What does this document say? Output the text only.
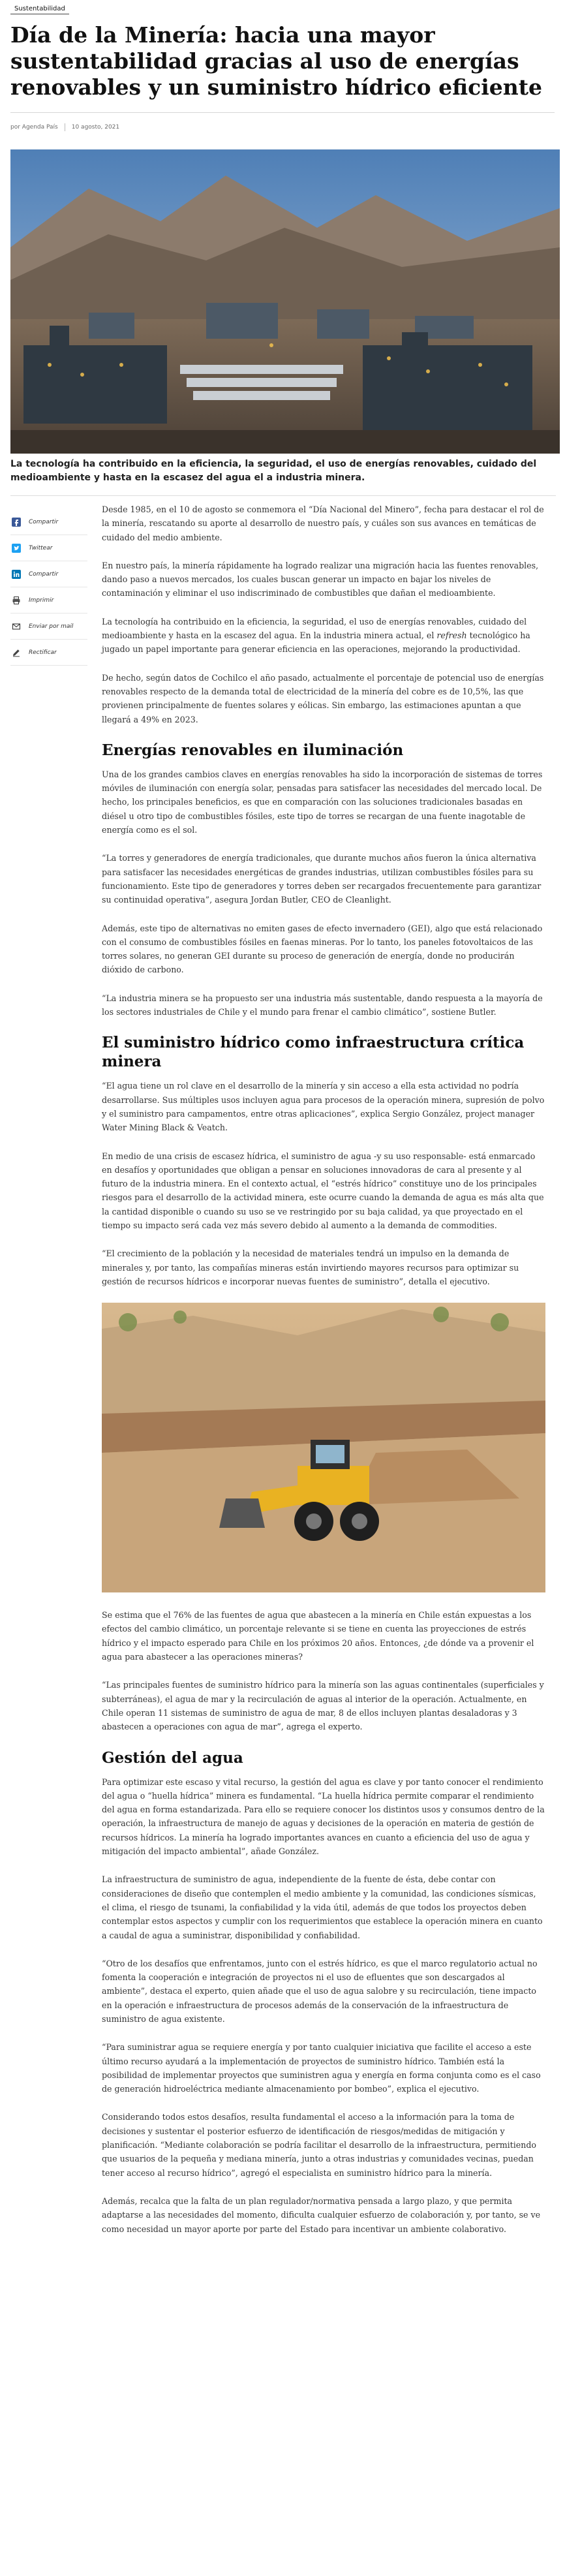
Sustentabilidad
Día de la Minería: hacia una mayor sustentabilidad gracias al uso de energías renovables y un suministro hídrico eficiente
por Agenda País 10 agosto, 2021

La tecnología ha contribuido en la eficiencia, la seguridad, el uso de energías renovables, cuidado del medioambiente y hasta en la escasez del agua el a industria minera.

Compartir
Twittear
Compartir
Imprimir
Enviar por mail
Rectificar

Desde 1985, en el 10 de agosto se conmemora el “Día Nacional del Minero”, fecha para destacar el rol de la minería, rescatando su aporte al desarrollo de nuestro país, y cuáles son sus avances en temáticas de cuidado del medio ambiente.

En nuestro país, la minería rápidamente ha logrado realizar una migración hacia las fuentes renovables, dando paso a nuevos mercados, los cuales buscan generar un impacto en bajar los niveles de contaminación y eliminar el uso indiscriminado de combustibles que dañan el medioambiente.

La tecnología ha contribuido en la eficiencia, la seguridad, el uso de energías renovables, cuidado del medioambiente y hasta en la escasez del agua. En la industria minera actual, el refresh tecnológico ha jugado un papel importante para generar eficiencia en las operaciones, mejorando la productividad.

De hecho, según datos de Cochilco el año pasado, actualmente el porcentaje de potencial uso de energías renovables respecto de la demanda total de electricidad de la minería del cobre es de 10,5%, las que provienen principalmente de fuentes solares y eólicas. Sin embargo, las estimaciones apuntan a que llegará a 49% en 2023.

Energías renovables en iluminación

Una de los grandes cambios claves en energías renovables ha sido la incorporación de sistemas de torres móviles de iluminación con energía solar, pensadas para satisfacer las necesidades del mercado local. De hecho, los principales beneficios, es que en comparación con las soluciones tradicionales basadas en diésel u otro tipo de combustibles fósiles, este tipo de torres se recargan de una fuente inagotable de energía como es el sol.

“La torres y generadores de energía tradicionales, que durante muchos años fueron la única alternativa para satisfacer las necesidades energéticas de grandes industrias, utilizan combustibles fósiles para su funcionamiento. Este tipo de generadores y torres deben ser recargados frecuentemente para garantizar su continuidad operativa”, asegura Jordan Butler, CEO de Cleanlight.

Además, este tipo de alternativas no emiten gases de efecto invernadero (GEI), algo que está relacionado con el consumo de combustibles fósiles en faenas mineras. Por lo tanto, los paneles fotovoltaicos de las torres solares, no generan GEI durante su proceso de generación de energía, donde no producirán dióxido de carbono.

“La industria minera se ha propuesto ser una industria más sustentable, dando respuesta a la mayoría de los sectores industriales de Chile y el mundo para frenar el cambio climático”, sostiene Butler.

El suministro hídrico como infraestructura crítica minera

“El agua tiene un rol clave en el desarrollo de la minería y sin acceso a ella esta actividad no podría desarrollarse. Sus múltiples usos incluyen agua para procesos de la operación minera, supresión de polvo y el suministro para campamentos, entre otras aplicaciones”, explica Sergio González, project manager Water Mining Black & Veatch.

En medio de una crisis de escasez hídrica, el suministro de agua -y su uso responsable- está enmarcado en desafíos y oportunidades que obligan a pensar en soluciones innovadoras de cara al presente y al futuro de la industria minera. En el contexto actual, el “estrés hídrico” constituye uno de los principales riesgos para el desarrollo de la actividad minera, este ocurre cuando la demanda de agua es más alta que la cantidad disponible o cuando su uso se ve restringido por su baja calidad, ya que proyectado en el tiempo su impacto será cada vez más severo debido al aumento a la demanda de commodities.

“El crecimiento de la población y la necesidad de materiales tendrá un impulso en la demanda de minerales y, por tanto, las compañías mineras están invirtiendo mayores recursos para optimizar su gestión de recursos hídricos e incorporar nuevas fuentes de suministro”, detalla el ejecutivo.

Se estima que el 76% de las fuentes de agua que abastecen a la minería en Chile están expuestas a los efectos del cambio climático, un porcentaje relevante si se tiene en cuenta las proyecciones de estrés hídrico y el impacto esperado para Chile en los próximos 20 años. Entonces, ¿de dónde va a provenir el agua para abastecer a las operaciones mineras?

“Las principales fuentes de suministro hídrico para la minería son las aguas continentales (superficiales y subterráneas), el agua de mar y la recirculación de aguas al interior de la operación. Actualmente, en Chile operan 11 sistemas de suministro de agua de mar, 8 de ellos incluyen plantas desaladoras y 3 abastecen a operaciones con agua de mar”, agrega el experto.

Gestión del agua

Para optimizar este escaso y vital recurso, la gestión del agua es clave y por tanto conocer el rendimiento del agua o “huella hídrica” minera es fundamental. “La huella hídrica permite comparar el rendimiento del agua en forma estandarizada. Para ello se requiere conocer los distintos usos y consumos dentro de la operación, la infraestructura de manejo de aguas y decisiones de la operación en materia de gestión de recursos hídricos. La minería ha logrado importantes avances en cuanto a eficiencia del uso de agua y mitigación del impacto ambiental”, añade González.

La infraestructura de suministro de agua, independiente de la fuente de ésta, debe contar con consideraciones de diseño que contemplen el medio ambiente y la comunidad, las condiciones sísmicas, el clima, el riesgo de tsunami, la confiabilidad y la vida útil, además de que todos los proyectos deben contemplar estos aspectos y cumplir con los requerimientos que establece la operación minera en cuanto a caudal de agua a suministrar, disponibilidad y confiabilidad.

“Otro de los desafíos que enfrentamos, junto con el estrés hídrico, es que el marco regulatorio actual no fomenta la cooperación e integración de proyectos ni el uso de efluentes que son descargados al ambiente”, destaca el experto, quien añade que el uso de agua salobre y su recirculación, tiene impacto en la operación e infraestructura de procesos además de la conservación de la infraestructura de suministro de agua existente.

“Para suministrar agua se requiere energía y por tanto cualquier iniciativa que facilite el acceso a este último recurso ayudará a la implementación de proyectos de suministro hídrico. También está la posibilidad de implementar proyectos que suministren agua y energía en forma conjunta como es el caso de generación hidroeléctrica mediante almacenamiento por bombeo”, explica el ejecutivo.

Considerando todos estos desafíos, resulta fundamental el acceso a la información para la toma de decisiones y sustentar el posterior esfuerzo de identificación de riesgos/medidas de mitigación y planificación. “Mediante colaboración se podría facilitar el desarrollo de la infraestructura, permitiendo que usuarios de la pequeña y mediana minería, junto a otras industrias y comunidades vecinas, puedan tener acceso al recurso hídrico”, agregó el especialista en suministro hídrico para la minería.

Además, recalca que la falta de un plan regulador/normativa pensada a largo plazo, y que permita adaptarse a las necesidades del momento, dificulta cualquier esfuerzo de colaboración y, por tanto, se ve como necesidad un mayor aporte por parte del Estado para incentivar un ambiente colaborativo.
